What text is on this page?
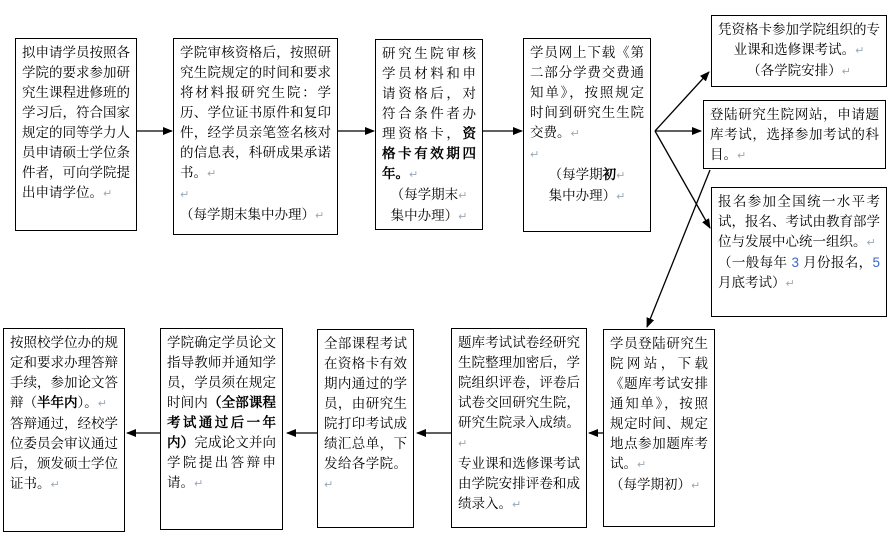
拟申请学员按照各学院的要求参加研究生课程进修班的学习后，符合国家规定的同等学力人员申请硕士学位条件者，可向学院提出申请学位。↵

学院审核资格后，按照研究生院规定的时间和要求将材料报研究生院：学历、学位证书原件和复印件，经学员亲笔签名核对的信息表，科研成果承诺书。↵

↵

（每学期末集中办理）↵

研究生院审核学员材料和申请资格后，对符合条件者办理资格卡，资格卡有效期四年。↵

（每学期末↵

集中办理）↵

学员网上下载《第二部分学费交费通知单》，按照规定时间到研究生生院交费。↵

↵

（每学期初↵

集中办理）↵

凭资格卡参加学院组织的专业课和选修课考试。↵

（各学院安排）↵

登陆研究生院网站，申请题库考试，选择参加考试的科目。↵

报名参加全国统一水平考试，报名、考试由教育部学位与发展中心统一组织。↵

（一般每年 3 月份报名，5 月底考试）↵

学员登陆研究生院网站，下载《题库考试安排通知单》，按照规定时间、规定地点参加题库考试。↵

（每学期初）↵

题库考试试卷经研究生院整理加密后，学院组织评卷，评卷后试卷交回研究生院，研究生院录入成绩。↵

专业课和选修课考试由学院安排评卷和成绩录入。↵

全部课程考试在资格卡有效期内通过的学员，由研究生院打印考试成绩汇总单，下发给各学院。↵

学院确定学员论文指导教师并通知学员，学员须在规定时间内（全部课程考试通过后一年内）完成论文并向学院提出答辩申请。↵

按照校学位办的规定和要求办理答辩手续，参加论文答辩（半年内）。↵

答辩通过，经校学位委员会审议通过后，颁发硕士学位证书。↵
